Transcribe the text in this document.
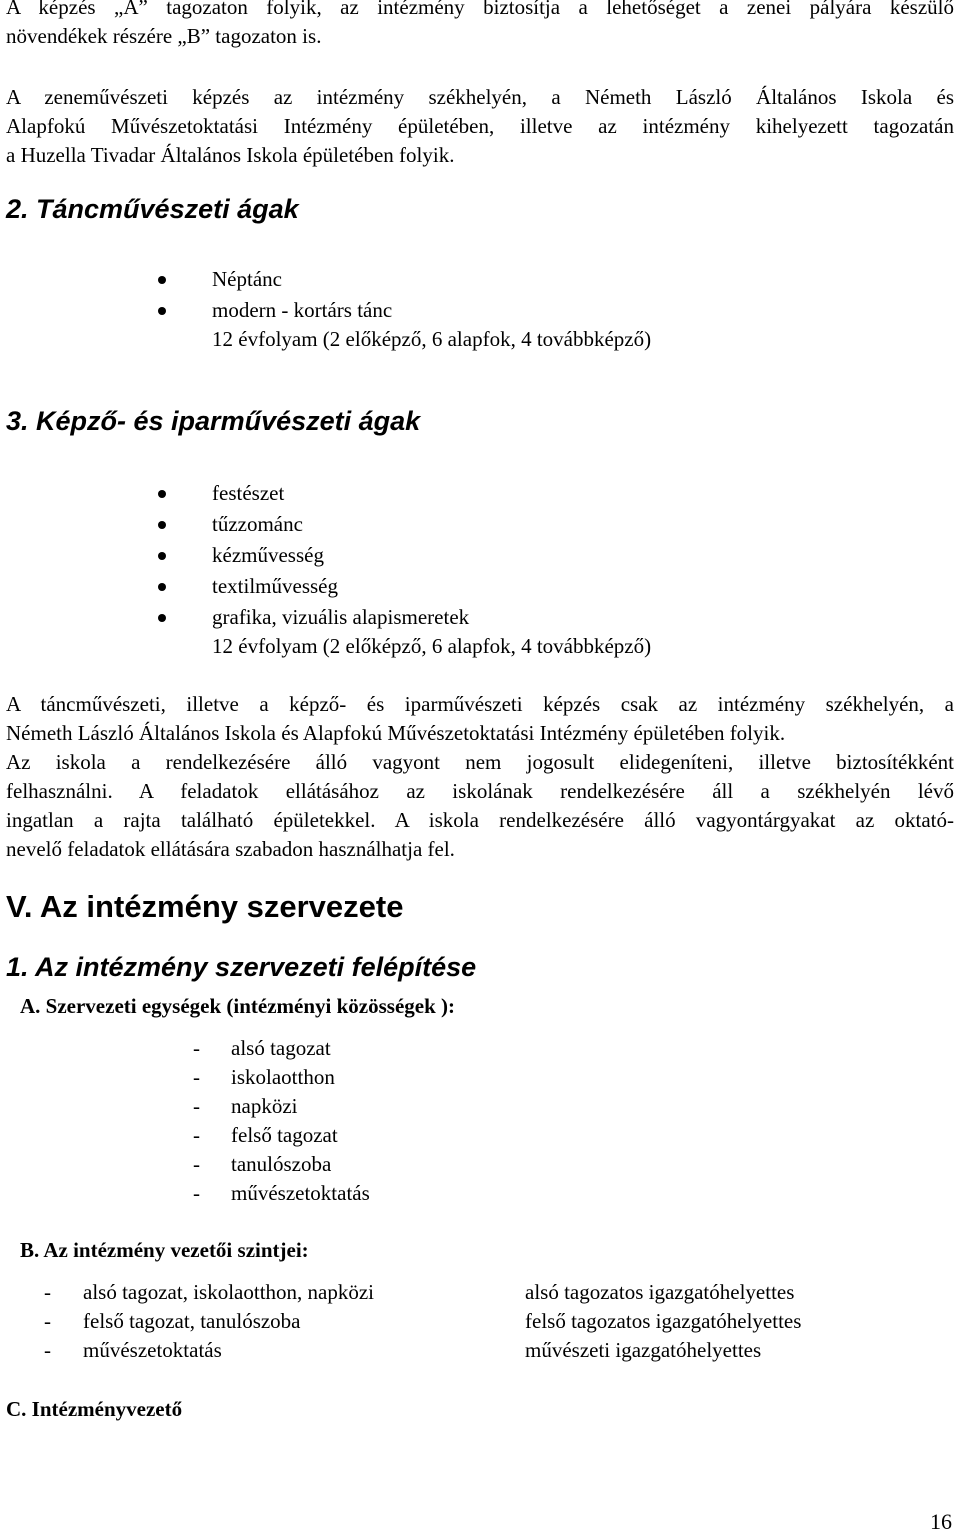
A képzés „A” tagozaton folyik, az intézmény biztosítja a lehetőséget a zenei pályára készülő
növendékek részére „B” tagozaton is.
A zeneművészeti képzés az intézmény székhelyén, a Németh László Általános Iskola és
Alapfokú Művészetoktatási Intézmény épületében, illetve az intézmény kihelyezett tagozatán
a Huzella Tivadar Általános Iskola épületében folyik.
2. Táncművészeti ágak
Néptánc
modern - kortárs tánc
12 évfolyam (2 előképző, 6 alapfok, 4 továbbképző)
3. Képző- és iparművészeti ágak
festészet
tűzzománc
kézművesség
textilművesség
grafika, vizuális alapismeretek
12 évfolyam (2 előképző, 6 alapfok, 4 továbbképző)
A táncművészeti, illetve a képző- és iparművészeti képzés csak az intézmény székhelyén, a
Németh László Általános Iskola és Alapfokú Művészetoktatási Intézmény épületében folyik.
Az iskola a rendelkezésére álló vagyont nem jogosult elidegeníteni, illetve biztosítékként
felhasználni. A feladatok ellátásához az iskolának rendelkezésére áll a székhelyén lévő
ingatlan a rajta található épületekkel. A iskola rendelkezésére álló vagyontárgyakat az oktató-
nevelő feladatok ellátására szabadon használhatja fel.
V. Az intézmény szervezete
1. Az intézmény szervezeti felépítése
A. Szervezeti egységek (intézményi közösségek ):
- alsó tagozat
- iskolaotthon
- napközi
- felső tagozat
- tanulószoba
- művészetoktatás
B. Az intézmény vezetői szintjei:
- alsó tagozat, iskolaotthon, napközi	alsó tagozatos igazgatóhelyettes
- felső tagozat, tanulószoba	felső tagozatos igazgatóhelyettes
- művészetoktatás	művészeti igazgatóhelyettes
C. Intézményvezető
16
